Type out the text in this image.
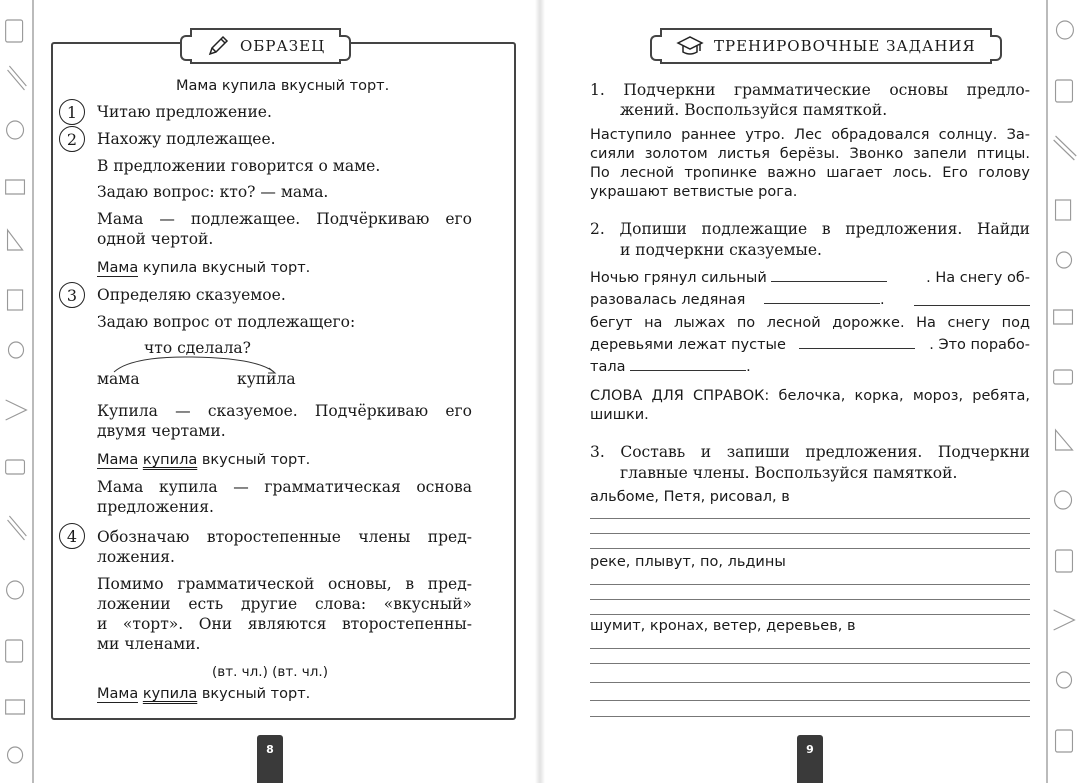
ОБРАЗЕЦ
Мама купила вкусный торт.
1	Читаю предложение.
2	Нахожу подлежащее.
В предложении говорится о маме.
Задаю вопрос: кто? — мама.
Мама — подлежащее. Подчёркиваю его
одной чертой.
Мама купила вкусный торт.
3	Определяю сказуемое.
Задаю вопрос от подлежащего:
что сделала?
мама	купила
Купила — сказуемое. Подчёркиваю его
двумя чертами.
Мама купила вкусный торт.
Мама купила — грамматическая основа
предложения.
4	Обозначаю второстепенные члены пред-
ложения.
Помимо грамматической основы, в пред-
ложении есть другие слова: «вкусный»
и «торт». Они являются второстепенны-
ми членами.
(вт. чл.) (вт. чл.)
Мама купила вкусный торт.
8
ТРЕНИРОВОЧНЫЕ ЗАДАНИЯ
1. Подчеркни грамматические основы предло-
жений. Воспользуйся памяткой.
Наступило раннее утро. Лес обрадовался солнцу. За-
сияли золотом листья берёзы. Звонко запели птицы.
По лесной тропинке важно шагает лось. Его голову
украшают ветвистые рога.
2. Допиши подлежащие в предложения. Найди
и подчеркни сказуемые.
Ночью грянул сильный	. На снегу об-
разовалась ледяная	.
бегут на лыжах по лесной дорожке. На снегу под
деревьями лежат пустые	. Это порабо-
тала	.
СЛОВА ДЛЯ СПРАВОК: белочка, корка, мороз, ребята,
шишки.
3. Составь и запиши предложения. Подчеркни
главные члены. Воспользуйся памяткой.
альбоме, Петя, рисовал, в
реке, плывут, по, льдины
шумит, кронах, ветер, деревьев, в
9
